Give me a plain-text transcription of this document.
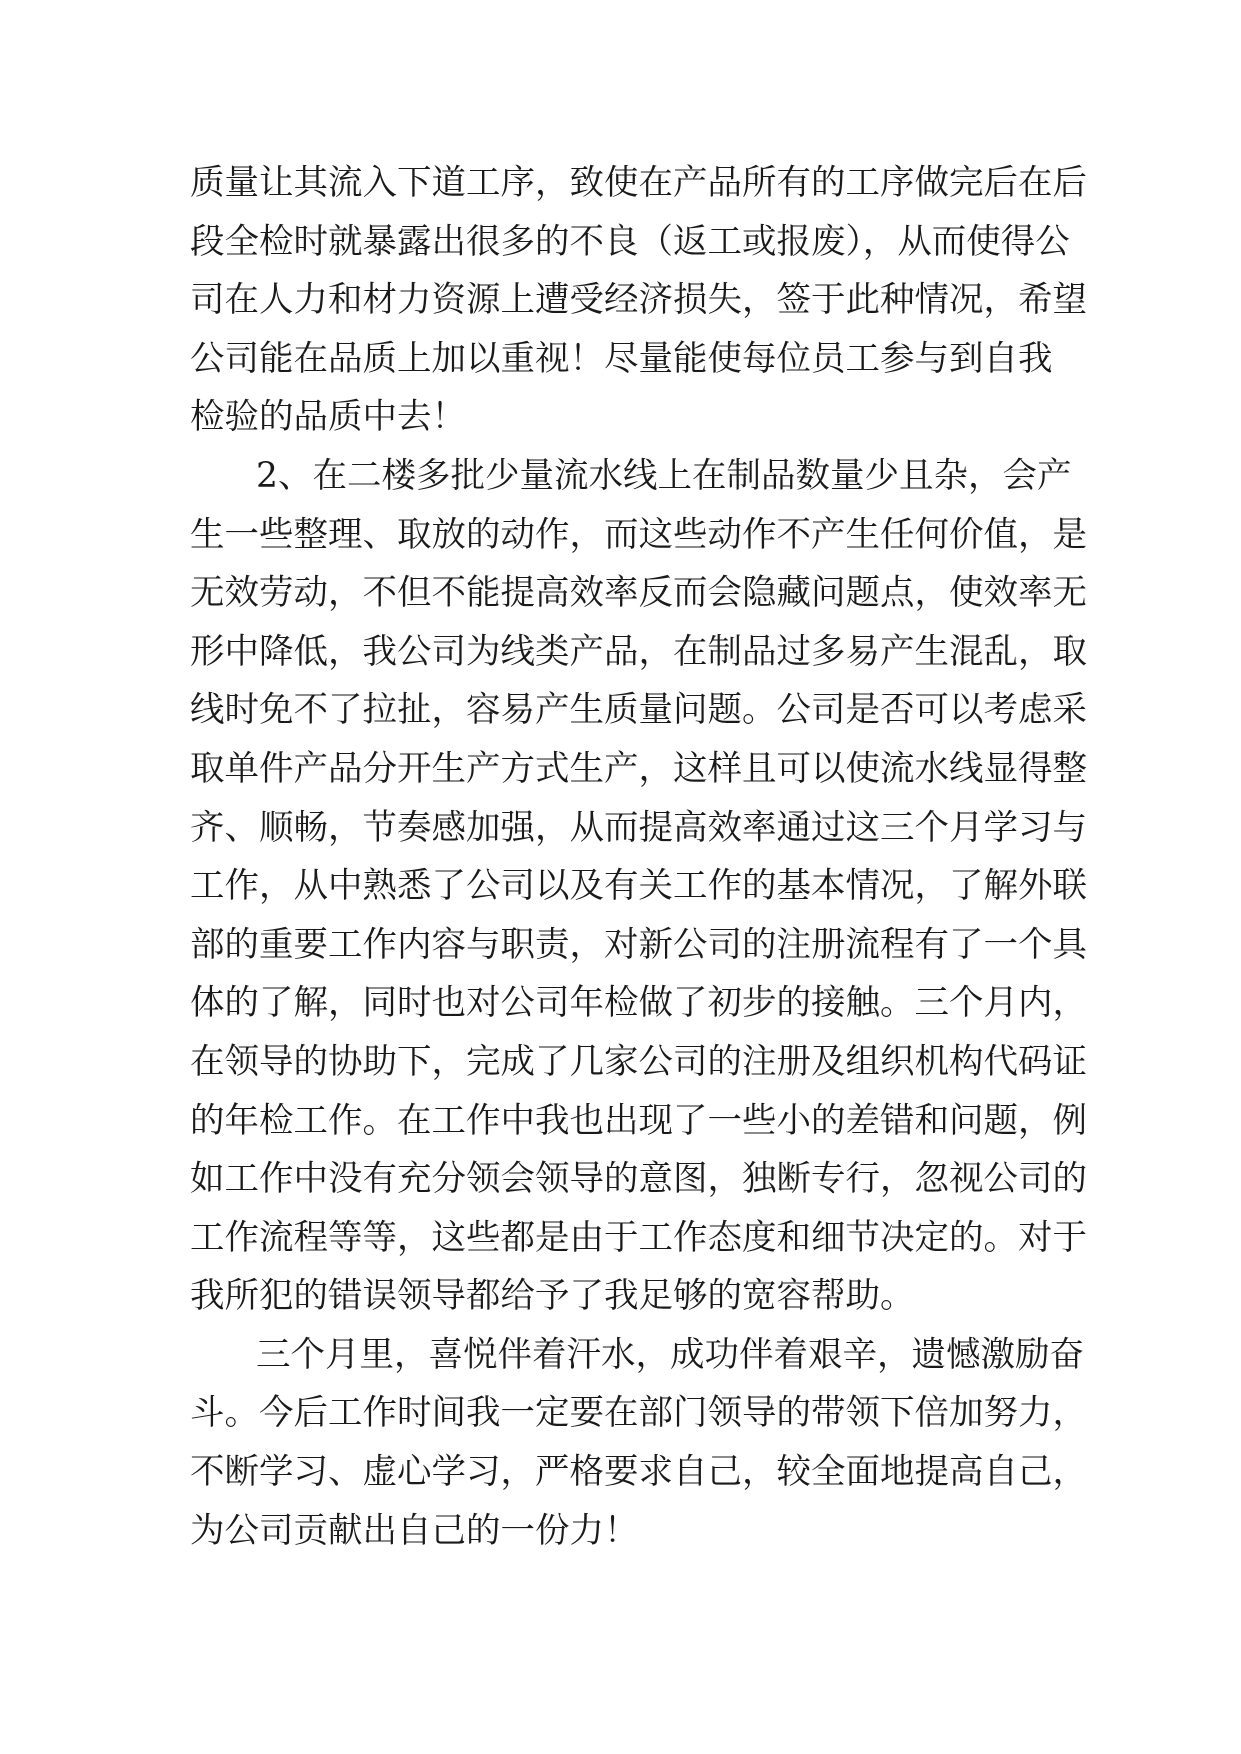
质量让其流入下道工序，致使在产品所有的工序做完后在后
段全检时就暴露出很多的不良（返工或报废），从而使得公
司在人力和材力资源上遭受经济损失，签于此种情况，希望
公司能在品质上加以重视！尽量能使每位员工参与到自我
检验的品质中去！
2、在二楼多批少量流水线上在制品数量少且杂，会产
生一些整理、取放的动作，而这些动作不产生任何价值，是
无效劳动，不但不能提高效率反而会隐藏问题点，使效率无
形中降低，我公司为线类产品，在制品过多易产生混乱，取
线时免不了拉扯，容易产生质量问题。公司是否可以考虑采
取单件产品分开生产方式生产，这样且可以使流水线显得整
齐、顺畅，节奏感加强，从而提高效率通过这三个月学习与
工作，从中熟悉了公司以及有关工作的基本情况，了解外联
部的重要工作内容与职责，对新公司的注册流程有了一个具
体的了解，同时也对公司年检做了初步的接触。三个月内，
在领导的协助下，完成了几家公司的注册及组织机构代码证
的年检工作。在工作中我也出现了一些小的差错和问题，例
如工作中没有充分领会领导的意图，独断专行，忽视公司的
工作流程等等，这些都是由于工作态度和细节决定的。对于
我所犯的错误领导都给予了我足够的宽容帮助。
三个月里，喜悦伴着汗水，成功伴着艰辛，遗憾激励奋
斗。今后工作时间我一定要在部门领导的带领下倍加努力，
不断学习、虚心学习，严格要求自己，较全面地提高自己，
为公司贡献出自己的一份力！
